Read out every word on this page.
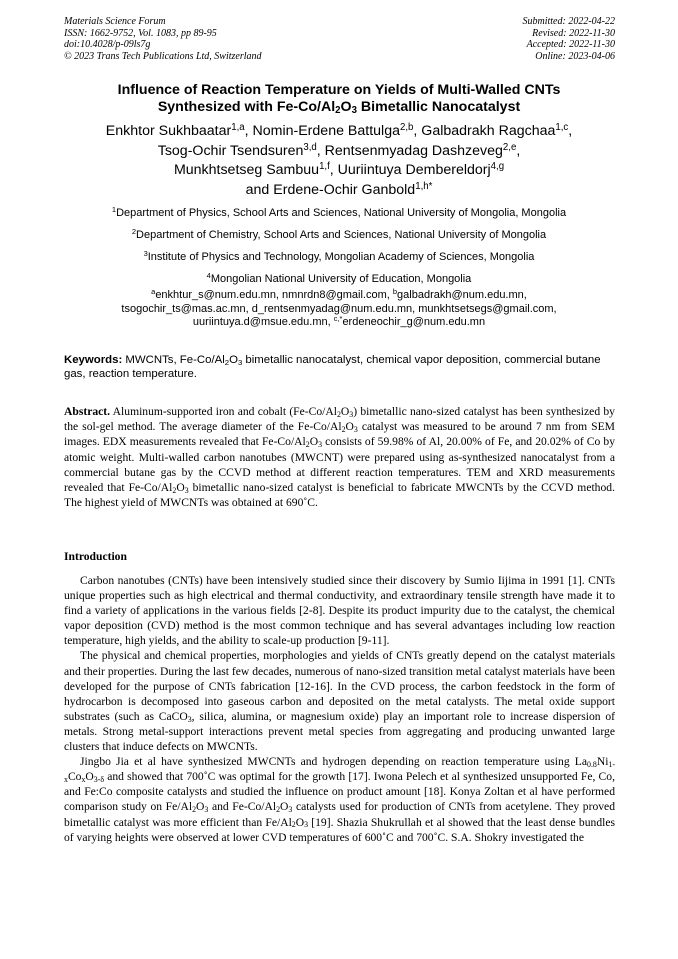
Materials Science Forum
ISSN: 1662-9752, Vol. 1083, pp 89-95
doi:10.4028/p-09ls7g
© 2023 Trans Tech Publications Ltd, Switzerland
Submitted: 2022-04-22
Revised: 2022-11-30
Accepted: 2022-11-30
Online: 2023-04-06
Influence of Reaction Temperature on Yields of Multi-Walled CNTs
Synthesized with $Fe-Co/Al_2O_3$ Bimetallic Nanocatalyst
Enkhtor Sukhbaatar$^{1,a}$, Nomin-Erdene Battulga$^{2,b}$, Galbadrakh Ragchaa$^{1,c}$,
Tsog-Ochir Tsendsuren$^{3,d}$, Rentsenmyadag Dashzeveg$^{2,e}$,
Munkhtsetseg Sambuu$^{1,f}$, Uuriintuya Dembereldorj$^{4,g}$
and Erdene-Ochir Ganbold$^{1,h*}$
$^1$Department of Physics, School Arts and Sciences, National University of Mongolia, Mongolia
$^2$Department of Chemistry, School Arts and Sciences, National University of Mongolia
$^3$Institute of Physics and Technology, Mongolian Academy of Sciences, Mongolia
$^4$Mongolian National University of Education, Mongolia
$^a$enkhtur_s@num.edu.mn, nmnrdn8@gmail.com, $^b$galbadrakh@num.edu.mn,
tsogochir_ts@mas.ac.mn, d_rentsenmyadag@num.edu.mn, munkhtsetsegs@gmail.com,
uuriintuya.d@msue.edu.mn, $^{c,*}$erdeneochir_g@num.edu.mn
Keywords: MWCNTs, $Fe-Co/Al_2O_3$ bimetallic nanocatalyst, chemical vapor deposition, commercial butane gas, reaction temperature.
Abstract. Aluminum-supported iron and cobalt $(Fe-Co/Al_2O_3)$ bimetallic nano-sized catalyst has been synthesized by the sol-gel method. The average diameter of the $Fe-Co/Al_2O_3$ catalyst was measured to be around 7 nm from SEM images. EDX measurements revealed that $Fe-Co/Al_2O_3$ consists of 59.98% of Al, 20.00% of Fe, and 20.02% of Co by atomic weight. Multi-walled carbon nanotubes (MWCNT) were prepared using as-synthesized nanocatalyst from a commercial butane gas by the CCVD method at different reaction temperatures. TEM and XRD measurements revealed that $Fe-Co/Al_2O_3$ bimetallic nano-sized catalyst is beneficial to fabricate MWCNTs by the CCVD method. The highest yield of MWCNTs was obtained at 690˚C.
Introduction

Carbon nanotubes (CNTs) have been intensively studied since their discovery by Sumio Iijima in 1991 [1]. CNTs unique properties such as high electrical and thermal conductivity, and extraordinary tensile strength have made it to find a variety of applications in the various fields [2-8]. Despite its product impurity due to the catalyst, the chemical vapor deposition (CVD) method is the most common technique and has several advantages including low reaction temperature, high yields, and the ability to scale-up production [9-11].

The physical and chemical properties, morphologies and yields of CNTs greatly depend on the catalyst materials and their properties. During the last few decades, numerous of nano-sized transition metal catalyst materials have been developed for the purpose of CNTs fabrication [12-16]. In the CVD process, the carbon feedstock in the form of hydrocarbon is decomposed into gaseous carbon and deposited on the metal catalysts. The metal oxide support substrates (such as CaCO$_3$, silica, alumina, or magnesium oxide) play an important role to increase dispersion of metals. Strong metal-support interactions prevent metal species from aggregating and producing unwanted large clusters that induce defects on MWCNTs.

Jingbo Jia et al have synthesized MWCNTs and hydrogen depending on reaction temperature using $La_{0.8}Ni_{1-x}Co_xO_{3-\delta}$ and showed that 700˚C was optimal for the growth [17]. Iwona Pelech et al synthesized unsupported Fe, Co, and Fe:Co composite catalysts and studied the influence on product amount [18]. Konya Zoltan et al have performed comparison study on $Fe/Al_2O_3$ and $Fe-Co/Al_2O_3$ catalysts used for production of CNTs from acetylene. They proved bimetallic catalyst was more efficient than $Fe/Al_2O_3$ [19]. Shazia Shukrullah et al showed that the least dense bundles of varying heights were observed at lower CVD temperatures of 600˚C and 700˚C. S.A. Shokry investigated the
